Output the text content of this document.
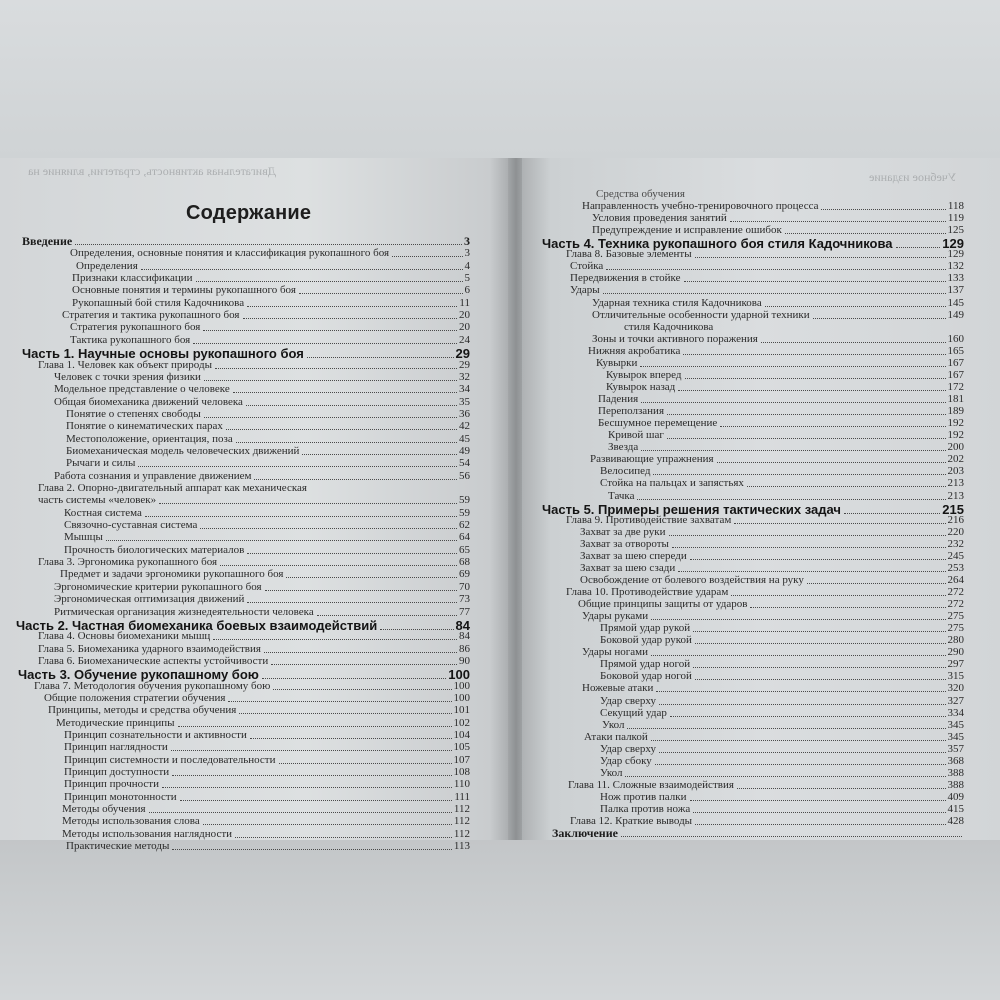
Двигательная активность, стратегии, влияние на
Содержание
Введение	3
Определения, основные понятия и классификация рукопашного боя	3
Определения	4
Признаки классификации	5
Основные понятия и термины рукопашного боя	6
Рукопашный бой стиля Кадочникова	11
Стратегия и тактика рукопашного боя	20
Стратегия рукопашного боя	20
Тактика рукопашного боя	24
Часть 1. Научные основы рукопашного боя	29
Глава 1. Человек как объект природы	29
Человек с точки зрения физики	32
Модельное представление о человеке	34
Общая биомеханика движений человека	35
Понятие о степенях свободы	36
Понятие о кинематических парах	42
Местоположение, ориентация, поза	45
Биомеханическая модель человеческих движений	49
Рычаги и силы	54
Работа сознания и управление движением	56
Глава 2. Опорно-двигательный аппарат как механическая
часть системы «человек»	59
Костная система	59
Связочно-суставная система	62
Мышцы	64
Прочность биологических материалов	65
Глава 3. Эргономика рукопашного боя	68
Предмет и задачи эргономики рукопашного боя	69
Эргономические критерии рукопашного боя	70
Эргономическая оптимизация движений	73
Ритмическая организация жизнедеятельности человека	77
Часть 2. Частная биомеханика боевых взаимодействий	84
Глава 4. Основы биомеханики мышц	84
Глава 5. Биомеханика ударного взаимодействия	86
Глава 6. Биомеханические аспекты устойчивости	90
Часть 3. Обучение рукопашному бою	100
Глава 7. Методология обучения рукопашному бою	100
Общие положения стратегии обучения	100
Принципы, методы и средства обучения	101
Методические принципы	102
Принцип сознательности и активности	104
Принцип наглядности	105
Принцип системности и последовательности	107
Принцип доступности	108
Принцип прочности	110
Принцип монотонности	111
Методы обучения	112
Методы использования слова	112
Методы использования наглядности	112
Практические методы	113
Учебное издание
Средства обучения
Направленность учебно-тренировочного процесса	118
Условия проведения занятий	119
Предупреждение и исправление ошибок	125
Часть 4. Техника рукопашного боя стиля Кадочникова	129
Глава 8. Базовые элементы	129
Стойка	132
Передвижения в стойке	133
Удары	137
Ударная техника стиля Кадочникова	145
Отличительные особенности ударной техники	149
стиля Кадочникова
Зоны и точки активного поражения	160
Нижняя акробатика	165
Кувырки	167
Кувырок вперед	167
Кувырок назад	172
Падения	181
Переползания	189
Бесшумное перемещение	192
Кривой шаг	192
Звезда	200
Развивающие упражнения	202
Велосипед	203
Стойка на пальцах и запястьях	213
Тачка	213
Часть 5. Примеры решения тактических задач	215
Глава 9. Противодействие захватам	216
Захват за две руки	220
Захват за отвороты	232
Захват за шею спереди	245
Захват за шею сзади	253
Освобождение от болевого воздействия на руку	264
Глава 10. Противодействие ударам	272
Общие принципы защиты от ударов	272
Удары руками	275
Прямой удар рукой	275
Боковой удар рукой	280
Удары ногами	290
Прямой удар ногой	297
Боковой удар ногой	315
Ножевые атаки	320
Удар сверху	327
Секущий удар	334
Укол	345
Атаки палкой	345
Удар сверху	357
Удар сбоку	368
Укол	388
Глава 11. Сложные взаимодействия	388
Нож против палки	409
Палка против ножа	415
Глава 12. Краткие выводы	428
Заключение
